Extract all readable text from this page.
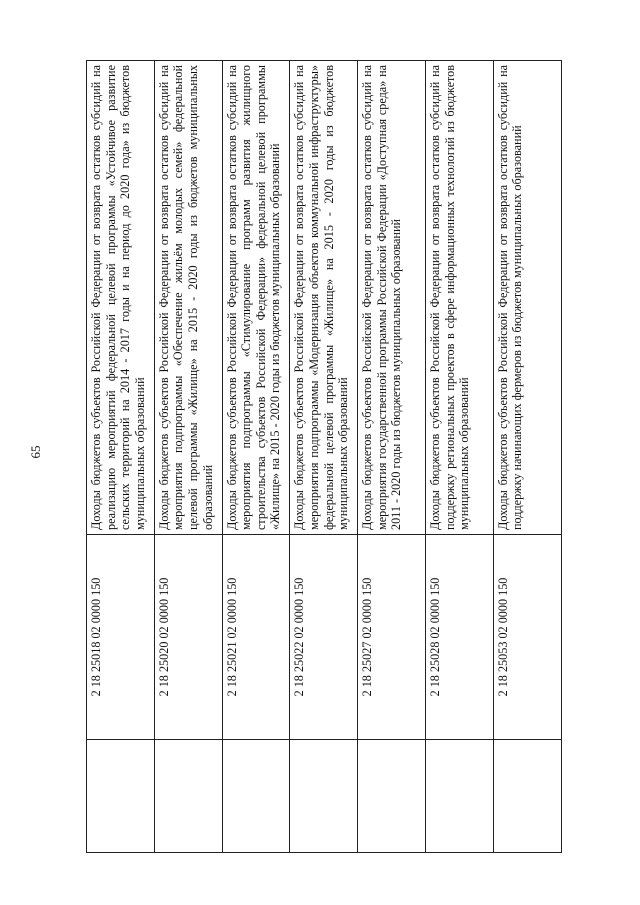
65
	2 18 25018 02 0000 150	Доходы бюджетов субъектов Российской Федерации от возврата остатков субсидий на реализацию мероприятий федеральной целевой программы «Устойчивое развитие сельских территорий на 2014 - 2017 годы и на период до 2020 года» из бюджетов муниципальных образований
	2 18 25020 02 0000 150	Доходы бюджетов субъектов Российской Федерации от возврата остатков субсидий на мероприятия подпрограммы «Обеспечение жильём молодых семей» федеральной целевой программы «Жилище» на 2015 - 2020 годы из бюджетов муниципальных образований
	2 18 25021 02 0000 150	Доходы бюджетов субъектов Российской Федерации от возврата остатков субсидий на мероприятия подпрограммы «Стимулирование программ развития жилищного строительства субъектов Российской Федерации» федеральной целевой программы «Жилище» на 2015 - 2020 годы из бюджетов муниципальных образований
	2 18 25022 02 0000 150	Доходы бюджетов субъектов Российской Федерации от возврата остатков субсидий на мероприятия подпрограммы «Модернизация объектов коммунальной инфраструктуры» федеральной целевой программы «Жилище» на 2015 - 2020 годы из бюджетов муниципальных образований
	2 18 25027 02 0000 150	Доходы бюджетов субъектов Российской Федерации от возврата остатков субсидий на мероприятия государственной программы Российской Федерации «Доступная среда» на 2011 - 2020 годы из бюджетов муниципальных образований
	2 18 25028 02 0000 150	Доходы бюджетов субъектов Российской Федерации от возврата остатков субсидий на поддержку региональных проектов в сфере информационных технологий из бюджетов муниципальных образований
	2 18 25053 02 0000 150	Доходы бюджетов субъектов Российской Федерации от возврата остатков субсидий на поддержку начинающих фермеров из бюджетов муниципальных образований
